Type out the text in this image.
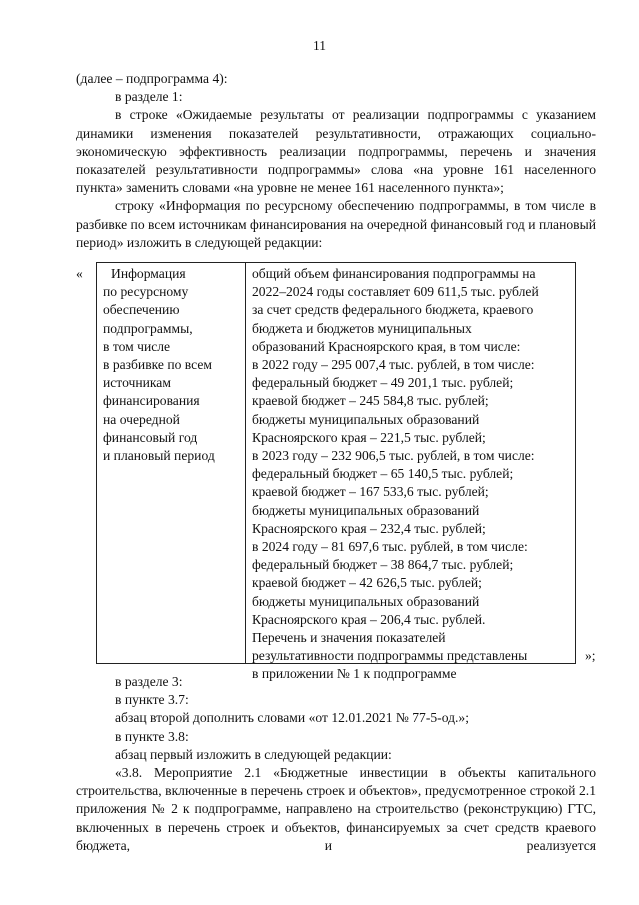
11

(далее – подпрограмма 4):

в разделе 1:

в строке «Ожидаемые результаты от реализации подпрограммы с указанием динамики изменения показателей результативности, отражающих социально-экономическую эффективность реализации подпрограммы, перечень и значения показателей результативности подпрограммы» слова «на уровне 161 населенного пункта» заменить словами «на уровне не менее 161 населенного пункта»;

строку «Информация по ресурсному обеспечению подпрограммы, в том числе в разбивке по всем источникам финансирования на очередной финансовый год и плановый период» изложить в следующей редакции:

«	Информация
по ресурсному
обеспечению
подпрограммы,
в том числе
в разбивке по всем
источникам
финансирования
на очередной
финансовый год
и плановый период
общий объем финансирования подпрограммы на
2022–2024 годы составляет 609 611,5 тыс. рублей
за счет средств федерального бюджета, краевого
бюджета и бюджетов муниципальных
образований Красноярского края, в том числе:
в 2022 году – 295 007,4 тыс. рублей, в том числе:
федеральный бюджет – 49 201,1 тыс. рублей;
краевой бюджет – 245 584,8 тыс. рублей;
бюджеты муниципальных образований
Красноярского края – 221,5 тыс. рублей;
в 2023 году – 232 906,5 тыс. рублей, в том числе:
федеральный бюджет – 65 140,5 тыс. рублей;
краевой бюджет – 167 533,6 тыс. рублей;
бюджеты муниципальных образований
Красноярского края – 232,4 тыс. рублей;
в 2024 году – 81 697,6 тыс. рублей, в том числе:
федеральный бюджет – 38 864,7 тыс. рублей;
краевой бюджет – 42 626,5 тыс. рублей;
бюджеты муниципальных образований
Красноярского края – 206,4 тыс. рублей.
Перечень и значения показателей
результативности подпрограммы представлены
в приложении № 1 к подпрограмме
»;

в разделе 3:

в пункте 3.7:

абзац второй дополнить словами «от 12.01.2021 № 77-5-од.»;

в пункте 3.8:

абзац первый изложить в следующей редакции:

«3.8. Мероприятие 2.1 «Бюджетные инвестиции в объекты капитального строительства, включенные в перечень строек и объектов», предусмотренное строкой 2.1 приложения № 2 к подпрограмме, направлено на строительство (реконструкцию) ГТС, включенных в перечень строек и объектов, финансируемых за счет средств краевого бюджета, и реализуется
